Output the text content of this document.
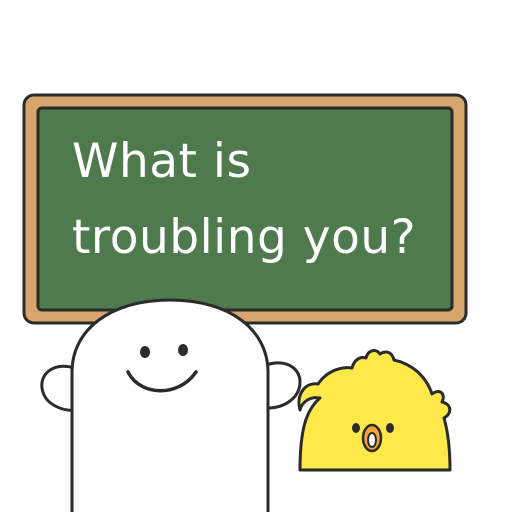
What is
troubling you?
